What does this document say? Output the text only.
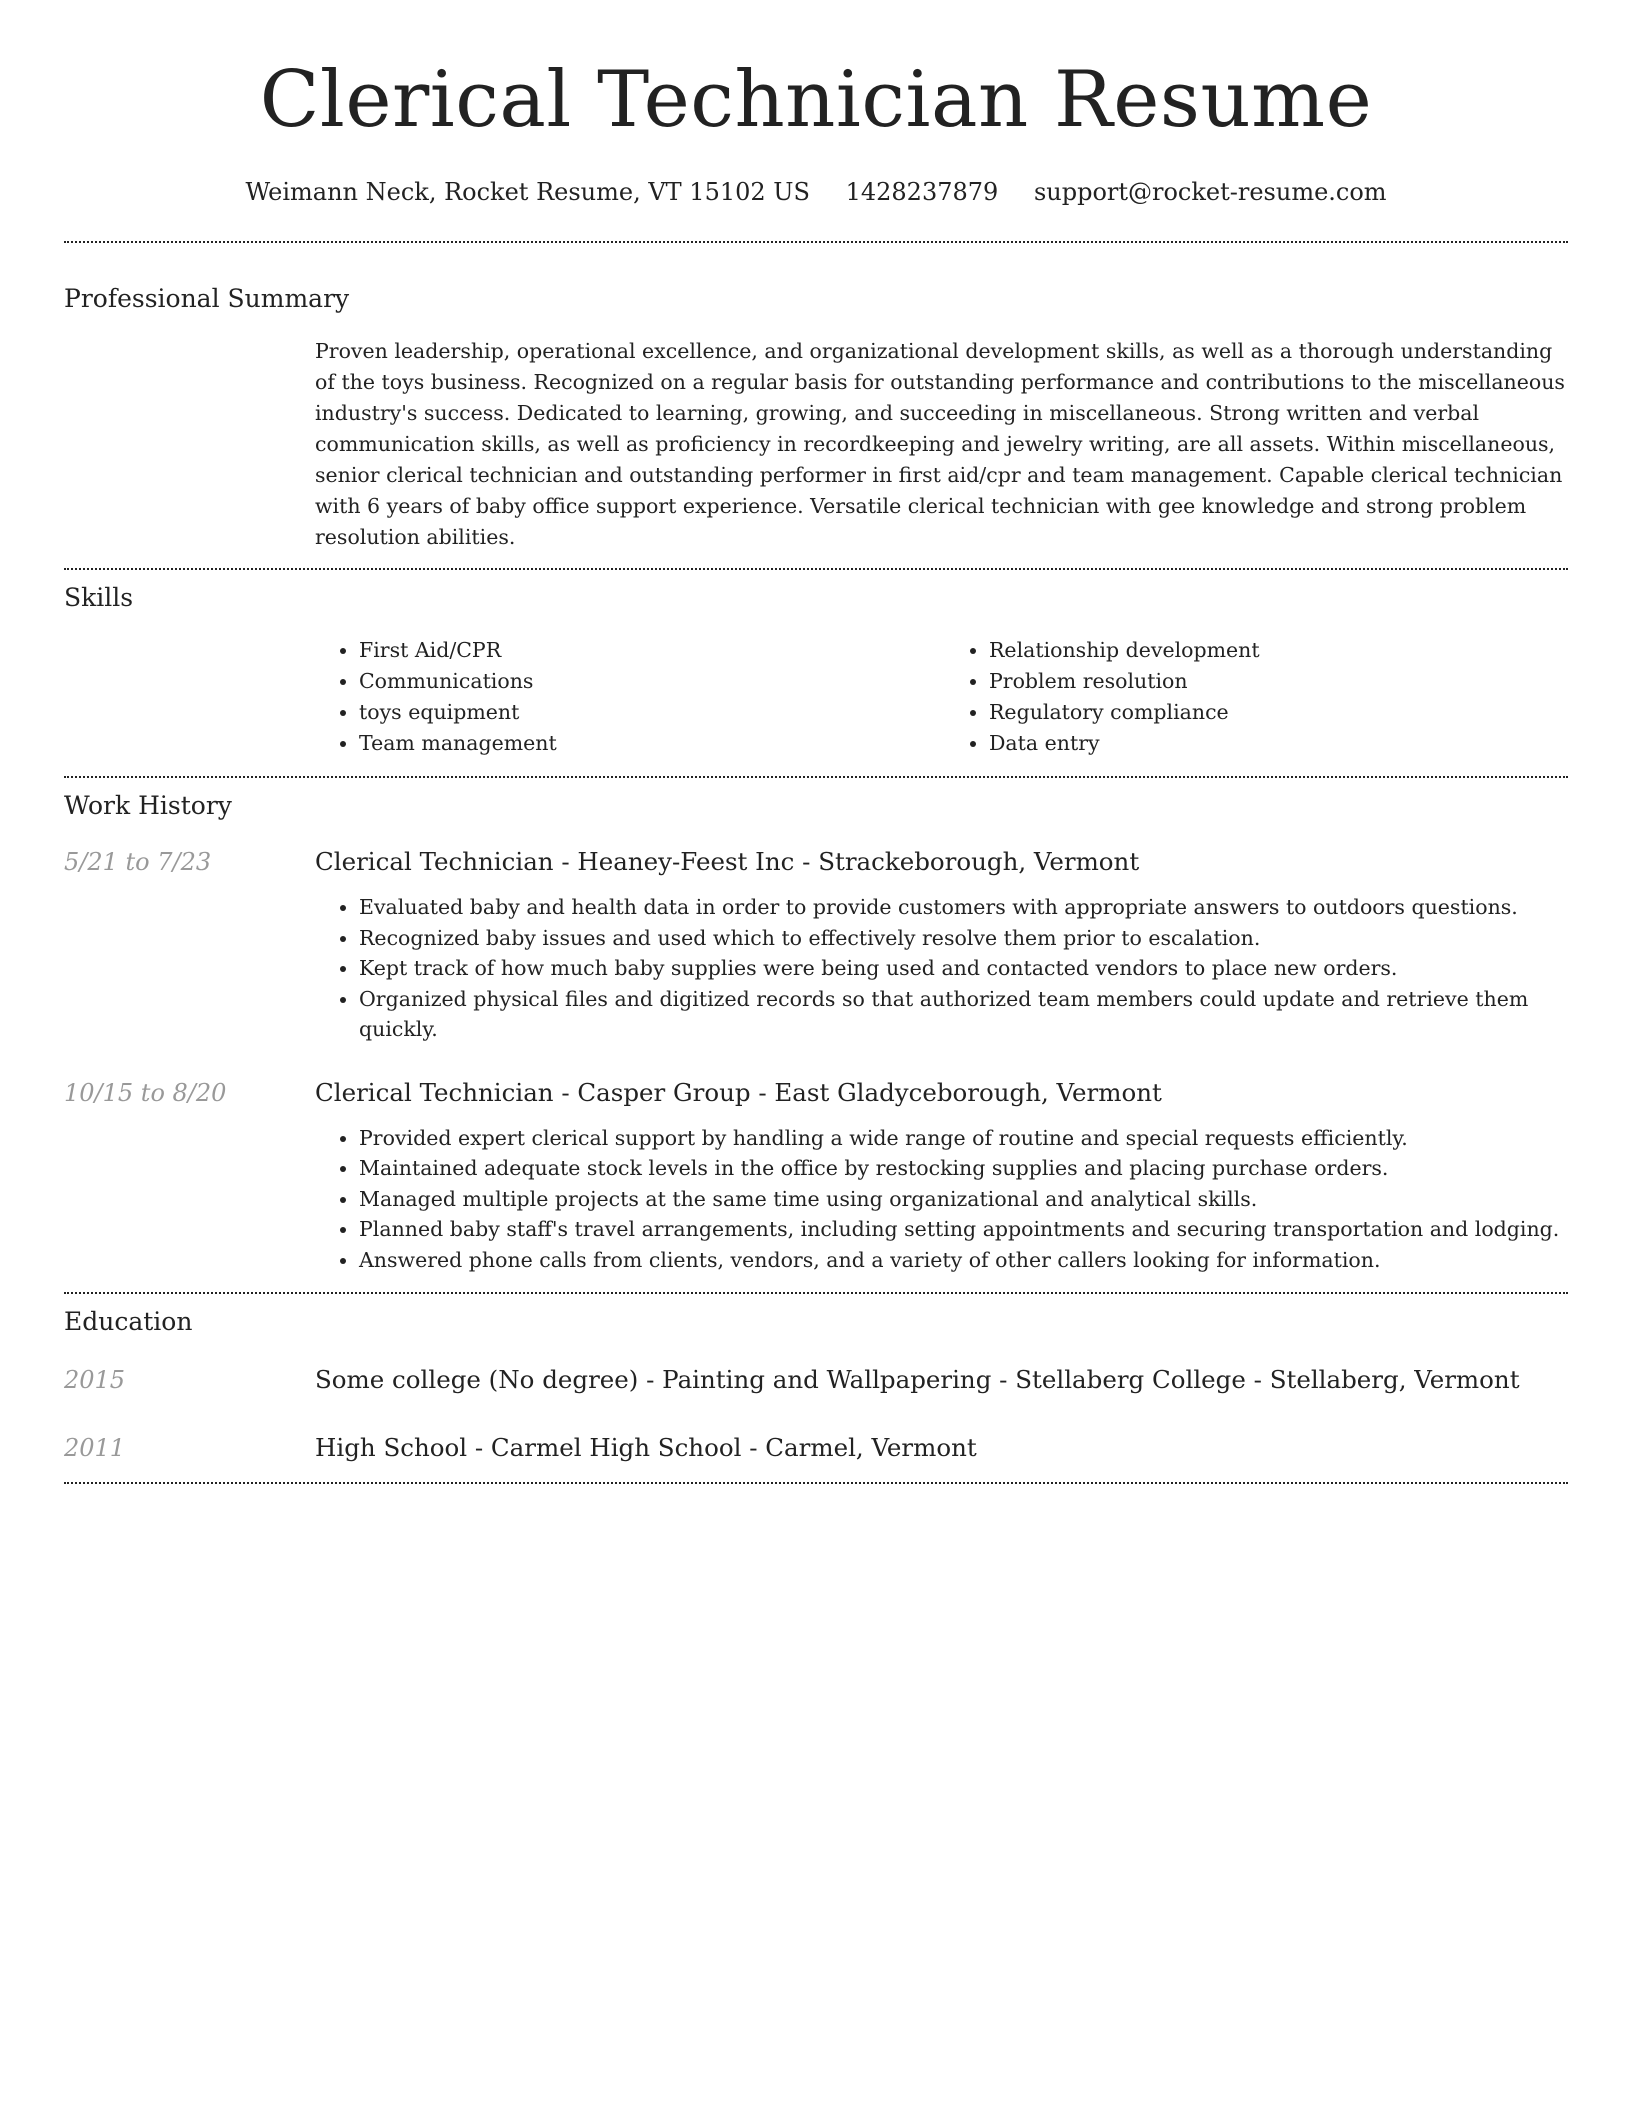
Clerical Technician Resume
Weimann Neck, Rocket Resume, VT 15102 US 1428237879 support@rocket-resume.com
Professional Summary

Proven leadership, operational excellence, and organizational development skills, as well as a thorough understanding of the toys business. Recognized on a regular basis for outstanding performance and contributions to the miscellaneous industry's success. Dedicated to learning, growing, and succeeding in miscellaneous. Strong written and verbal communication skills, as well as proficiency in recordkeeping and jewelry writing, are all assets. Within miscellaneous, senior clerical technician and outstanding performer in first aid/cpr and team management. Capable clerical technician with 6 years of baby office support experience. Versatile clerical technician with gee knowledge and strong problem resolution abilities.

Skills
• First Aid/CPR
• Communications
• toys equipment
• Team management
• Relationship development
• Problem resolution
• Regulatory compliance
• Data entry
Work History
5/21 to 7/23	Clerical Technician - Heaney-Feest Inc - Strackeborough, Vermont
• Evaluated baby and health data in order to provide customers with appropriate answers to outdoors questions.
• Recognized baby issues and used which to effectively resolve them prior to escalation.
• Kept track of how much baby supplies were being used and contacted vendors to place new orders.
• Organized physical files and digitized records so that authorized team members could update and retrieve them quickly.
10/15 to 8/20	Clerical Technician - Casper Group - East Gladyceborough, Vermont
• Provided expert clerical support by handling a wide range of routine and special requests efficiently.
• Maintained adequate stock levels in the office by restocking supplies and placing purchase orders.
• Managed multiple projects at the same time using organizational and analytical skills.
• Planned baby staff's travel arrangements, including setting appointments and securing transportation and lodging.
• Answered phone calls from clients, vendors, and a variety of other callers looking for information.
Education
2015	Some college (No degree) - Painting and Wallpapering - Stellaberg College - Stellaberg, Vermont
2011	High School - Carmel High School - Carmel, Vermont
